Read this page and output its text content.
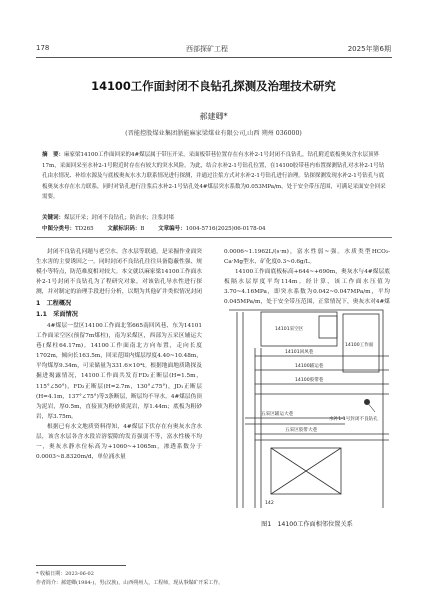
178	西部探矿工程	2025年第6期
14100工作面封闭不良钻孔探测及治理技术研究
郝建卿*
(晋能控股煤业集团浙能麻家梁煤业有限公司,山西 朔州 036000)
摘　要：麻家梁14100工作面回采的4#煤层属于带压开采，采面板带巷位置存在有水补2-1号封闭不良钻孔，钻孔附近底板奥灰含水层顶界17m，采面回采至水补2-1号附近时存在有较大的突水风险。为此，结合水补2-1号钻孔位置，在14100胶带巷内布置探测钻孔对水补2-1号钻孔由水情况、补给水源及与底板奥灰水水力联系情况进行探测，并通过注浆方式对水补2-1号钻孔进行治理。钻探探测发现水补2-1号钻孔与底板奥灰水存在水力联系，同时对钻孔进行注浆后水补2-1号钻孔处4#煤层突水系数为0.053MPa/m，处于安全带压范围，可满足采面安全回采需要。
关键词：煤层开采；封闭不良钻孔；防治水；注浆封堵
中图分类号：TD265	文献标识码：B	文章编号：1004-5716(2025)06-0178-04

封闭不良钻孔问题与老空水、含水层等联通，是采掘作业面突生水害的主要诱因之一。同时封闭不良钻孔往往具备隐蔽性强、规模小等特点，防范难度相对较大。本文就以麻家梁14100工作面水补2-1号封闭不良钻孔为了程研究对象，对该钻孔导水性进行探测，并对制定的治理手段进行分析，以期为其他矿井类似情况封闭

1　工程概况
1.1　采面情况

4#煤层一盘区14100工作面北邻665南回风巷、东为14101工作面采空区(预留7m煤柱)，南为采煤区，西部为五采区辅运大巷(煤柱64.17m)。14100工作面南北方向布置，走向长度1702m，倾向长163.5m，回采范围内煤层厚度4.40~10.48m，平均煤厚9.34m，可采储量为331.6×10⁴t。根据地面地质勘探及掘进揭露情况，14100工作面共发育FD₂正断层(H=1.5m，115°∠50°)，FD₃正断层(H=2.7m，130°∠75°)，JD₁正断层(H=4.1m，137°∠75°)等3条断层，断层均不导水。4#煤层伪顶为泥岩，厚0.5m，直接顶为粉砂质泥岩，厚1.44m；底板为粗砂岩，厚3.75m。

根据已有水文地质资料得知，4#煤层下伏存在有奥灰水含水层，该含水层各含水段岩溶裂隙的发育强弱不等，富水性极不均一，奥灰水静水位标高为+1060~+1065m，渗透系数分于0.0003~8.8320m/d，单位涌水量

0.0006~1.1962L/(s·m)，富水性弱~强。水质类型HCO₃-Ca·Mg型水，矿化度0.3~0.6g/L。

14100工作面底板标高+644~+690m，奥灰水与4#煤层底板隔水层厚度平均114m。经计算，该工作面水压值为3.70~4.16MPa，即突水系数为0.042~0.047MPa/m，平均0.045MPa/m，处于安全带压范围，正常情况下，奥灰水对4#煤

14101采空区
14100工作面
14101回风巷
14100辅运巷
14100胶带巷
五采区辅运大巷
五采区胶带大巷
水补1-1号封闭不良钻孔
142
图1　14100工作面相邻位置关系
* 收稿日期：2023-06-02
作者简介：郝建卿(1984-)，男(汉族)，山西朔州人，工程师，现从事煤矿开采工作。
